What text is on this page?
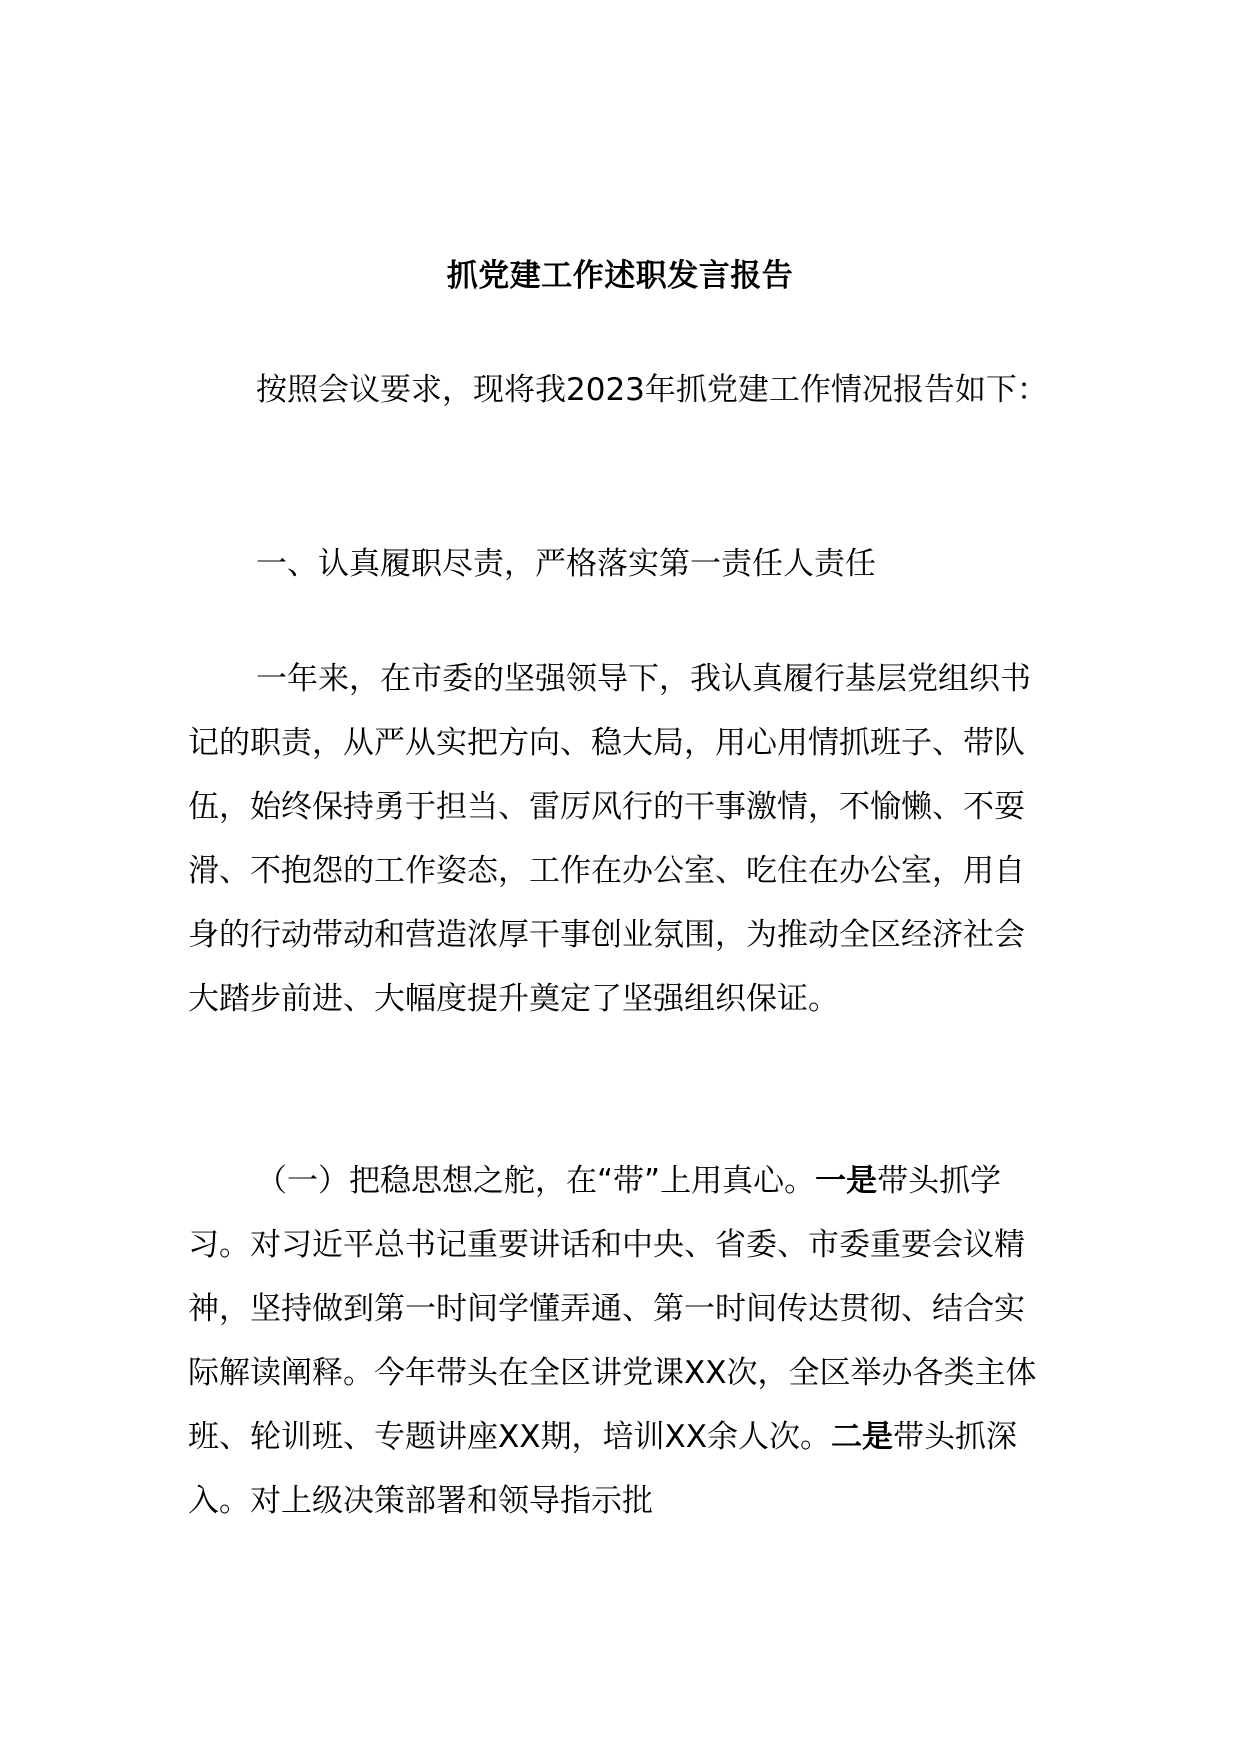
抓党建工作述职发言报告

按照会议要求，现将我2023年抓党建工作情况报告如下：

一、认真履职尽责，严格落实第一责任人责任

一年来，在市委的坚强领导下，我认真履行基层党组织书记的职责，从严从实把方向、稳大局，用心用情抓班子、带队伍，始终保持勇于担当、雷厉风行的干事激情，不愉懒、不耍滑、不抱怨的工作姿态，工作在办公室、吃住在办公室，用自身的行动带动和营造浓厚干事创业氛围，为推动全区经济社会大踏步前进、大幅度提升奠定了坚强组织保证。

（一）把稳思想之舵，在“带”上用真心。一是带头抓学习。对习近平总书记重要讲话和中央、省委、市委重要会议精神，坚持做到第一时间学懂弄通、第一时间传达贯彻、结合实际解读阐释。今年带头在全区讲党课XX次，全区举办各类主体班、轮训班、专题讲座XX期，培训XX余人次。二是带头抓深入。对上级决策部署和领导指示批
